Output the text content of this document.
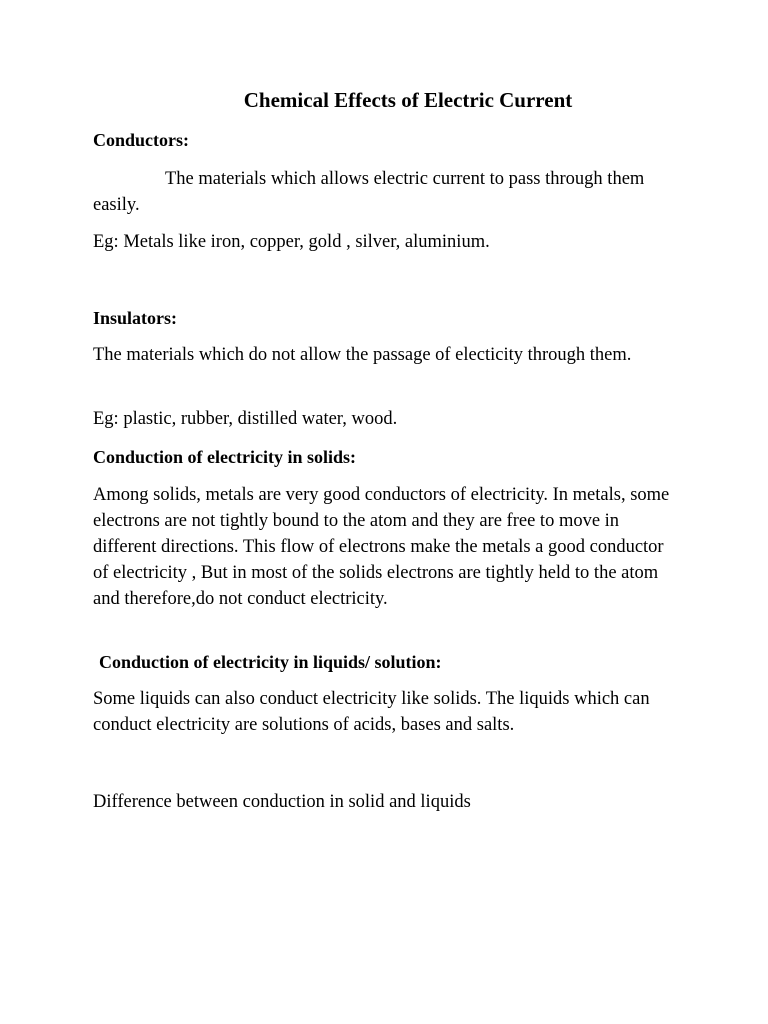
Chemical Effects of Electric Current

Conductors:

The materials which allows electric current to pass through them easily.

Eg: Metals like iron, copper, gold , silver, aluminium.

Insulators:

The materials which do not allow the passage of electicity through them.

Eg: plastic, rubber, distilled water, wood.

Conduction of electricity in solids:

Among solids, metals are very good conductors of electricity. In metals, some electrons are not tightly bound to the atom and they are free to move in different directions. This flow of electrons make the metals a good conductor of electricity , But in most of the solids electrons are tightly held to the atom and therefore,do not conduct electricity.

Conduction of electricity in liquids/ solution:

Some liquids can also conduct electricity like solids. The liquids which can conduct electricity are solutions of acids, bases and salts.

Difference between conduction in solid and liquids
